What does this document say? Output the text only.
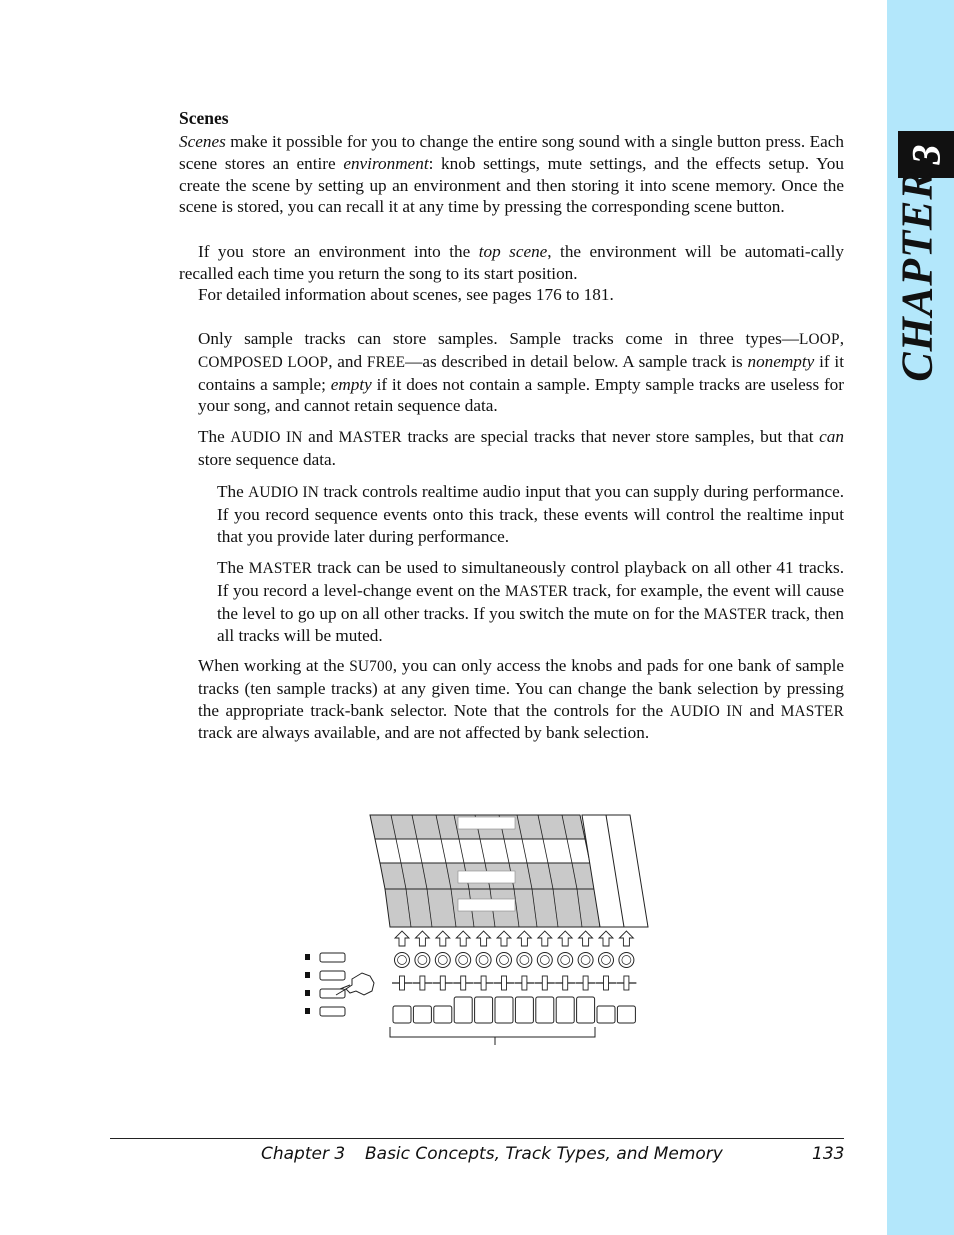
3
CHAPTER
Scenes

Scenes make it possible for you to change the entire song sound with a single button press. Each scene stores an entire environment: knob settings, mute settings, and the effects setup. You create the scene by setting up an environment and then storing it into scene memory. Once the scene is stored, you can recall it at any time by pressing the corresponding scene button.

If you store an environment into the top scene, the environment will be automati-cally recalled each time you return the song to its start position.

For detailed information about scenes, see pages 176 to 181.

Only sample tracks can store samples. Sample tracks come in three types—LOOP, COMPOSED LOOP, and FREE—as described in detail below. A sample track is nonempty if it contains a sample; empty if it does not contain a sample. Empty sample tracks are useless for your song, and cannot retain sequence data.

The AUDIO IN and MASTER tracks are special tracks that never store samples, but that can store sequence data.

The AUDIO IN track controls realtime audio input that you can supply during performance. If you record sequence events onto this track, these events will control the realtime input that you provide later during performance.

The MASTER track can be used to simultaneously control playback on all other 41 tracks. If you record a level-change event on the MASTER track, for example, the event will cause the level to go up on all other tracks. If you switch the mute on for the MASTER track, then all tracks will be muted.

When working at the SU700, you can only access the knobs and pads for one bank of sample tracks (ten sample tracks) at any given time. You can change the bank selection by pressing the appropriate track-bank selector. Note that the controls for the AUDIO IN and MASTER track are always available, and are not affected by bank selection.

Chapter 3 Basic Concepts, Track Types, and Memory	133
